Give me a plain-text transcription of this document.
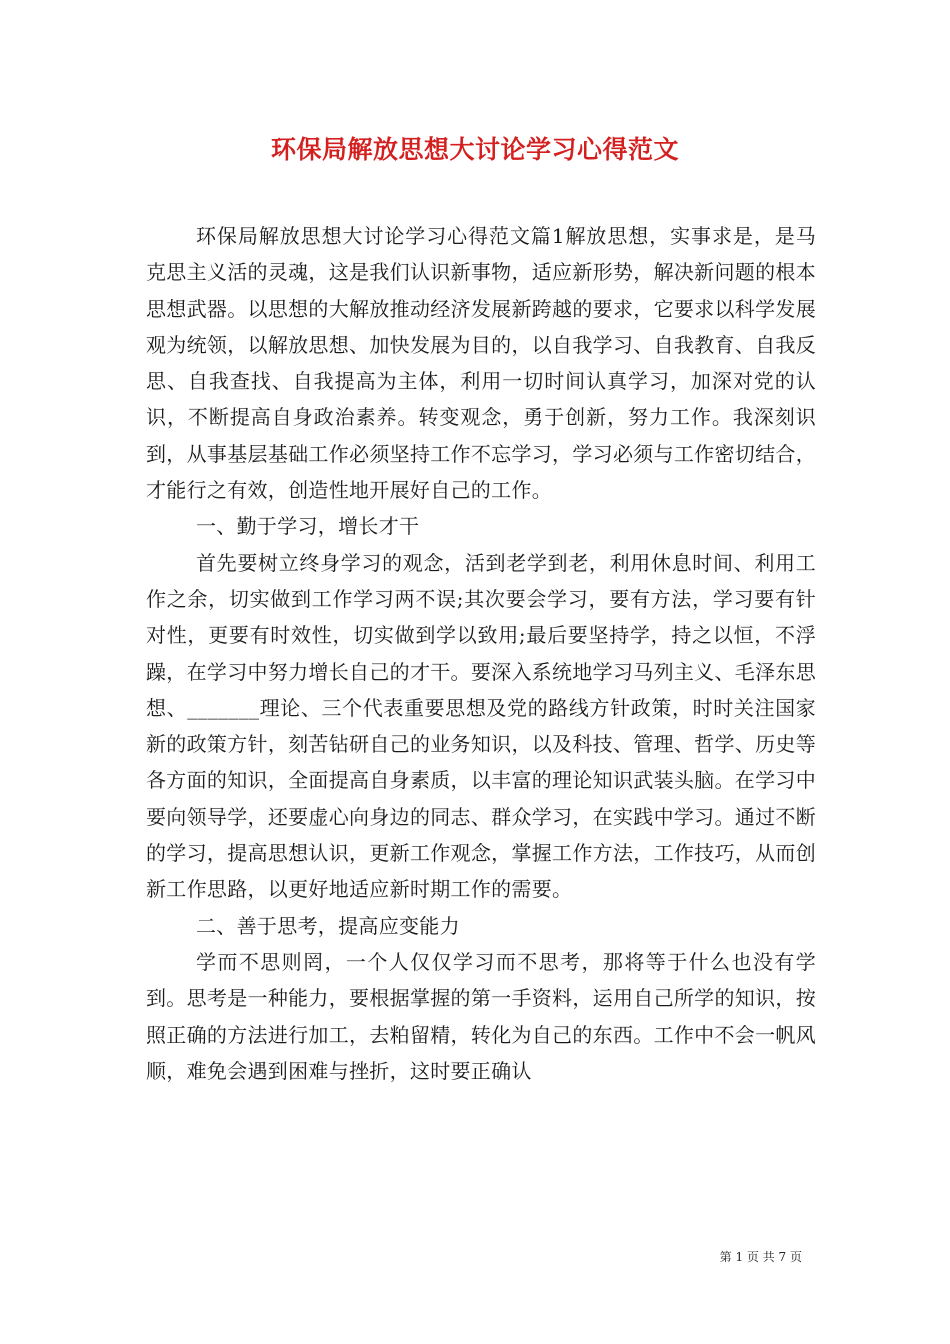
环保局解放思想大讨论学习心得范文

环保局解放思想大讨论学习心得范文篇1解放思想，实事求是，是马克思主义活的灵魂，这是我们认识新事物，适应新形势，解决新问题的根本思想武器。以思想的大解放推动经济发展新跨越的要求，它要求以科学发展观为统领，以解放思想、加快发展为目的，以自我学习、自我教育、自我反思、自我查找、自我提高为主体，利用一切时间认真学习，加深对党的认识，不断提高自身政治素养。转变观念，勇于创新，努力工作。我深刻识到，从事基层基础工作必须坚持工作不忘学习，学习必须与工作密切结合，才能行之有效，创造性地开展好自己的工作。

一、勤于学习，增长才干

首先要树立终身学习的观念，活到老学到老，利用休息时间、利用工作之余，切实做到工作学习两不误;其次要会学习，要有方法，学习要有针对性，更要有时效性，切实做到学以致用;最后要坚持学，持之以恒，不浮躁，在学习中努力增长自己的才干。要深入系统地学习马列主义、毛泽东思想、_______理论、三个代表重要思想及党的路线方针政策，时时关注国家新的政策方针，刻苦钻研自己的业务知识，以及科技、管理、哲学、历史等各方面的知识，全面提高自身素质，以丰富的理论知识武装头脑。在学习中要向领导学，还要虚心向身边的同志、群众学习，在实践中学习。通过不断的学习，提高思想认识，更新工作观念，掌握工作方法，工作技巧，从而创新工作思路，以更好地适应新时期工作的需要。

二、善于思考，提高应变能力

学而不思则罔，一个人仅仅学习而不思考，那将等于什么也没有学到。思考是一种能力，要根据掌握的第一手资料，运用自己所学的知识，按照正确的方法进行加工，去粕留精，转化为自己的东西。工作中不会一帆风顺，难免会遇到困难与挫折，这时要正确认

第 1 页 共 7 页
